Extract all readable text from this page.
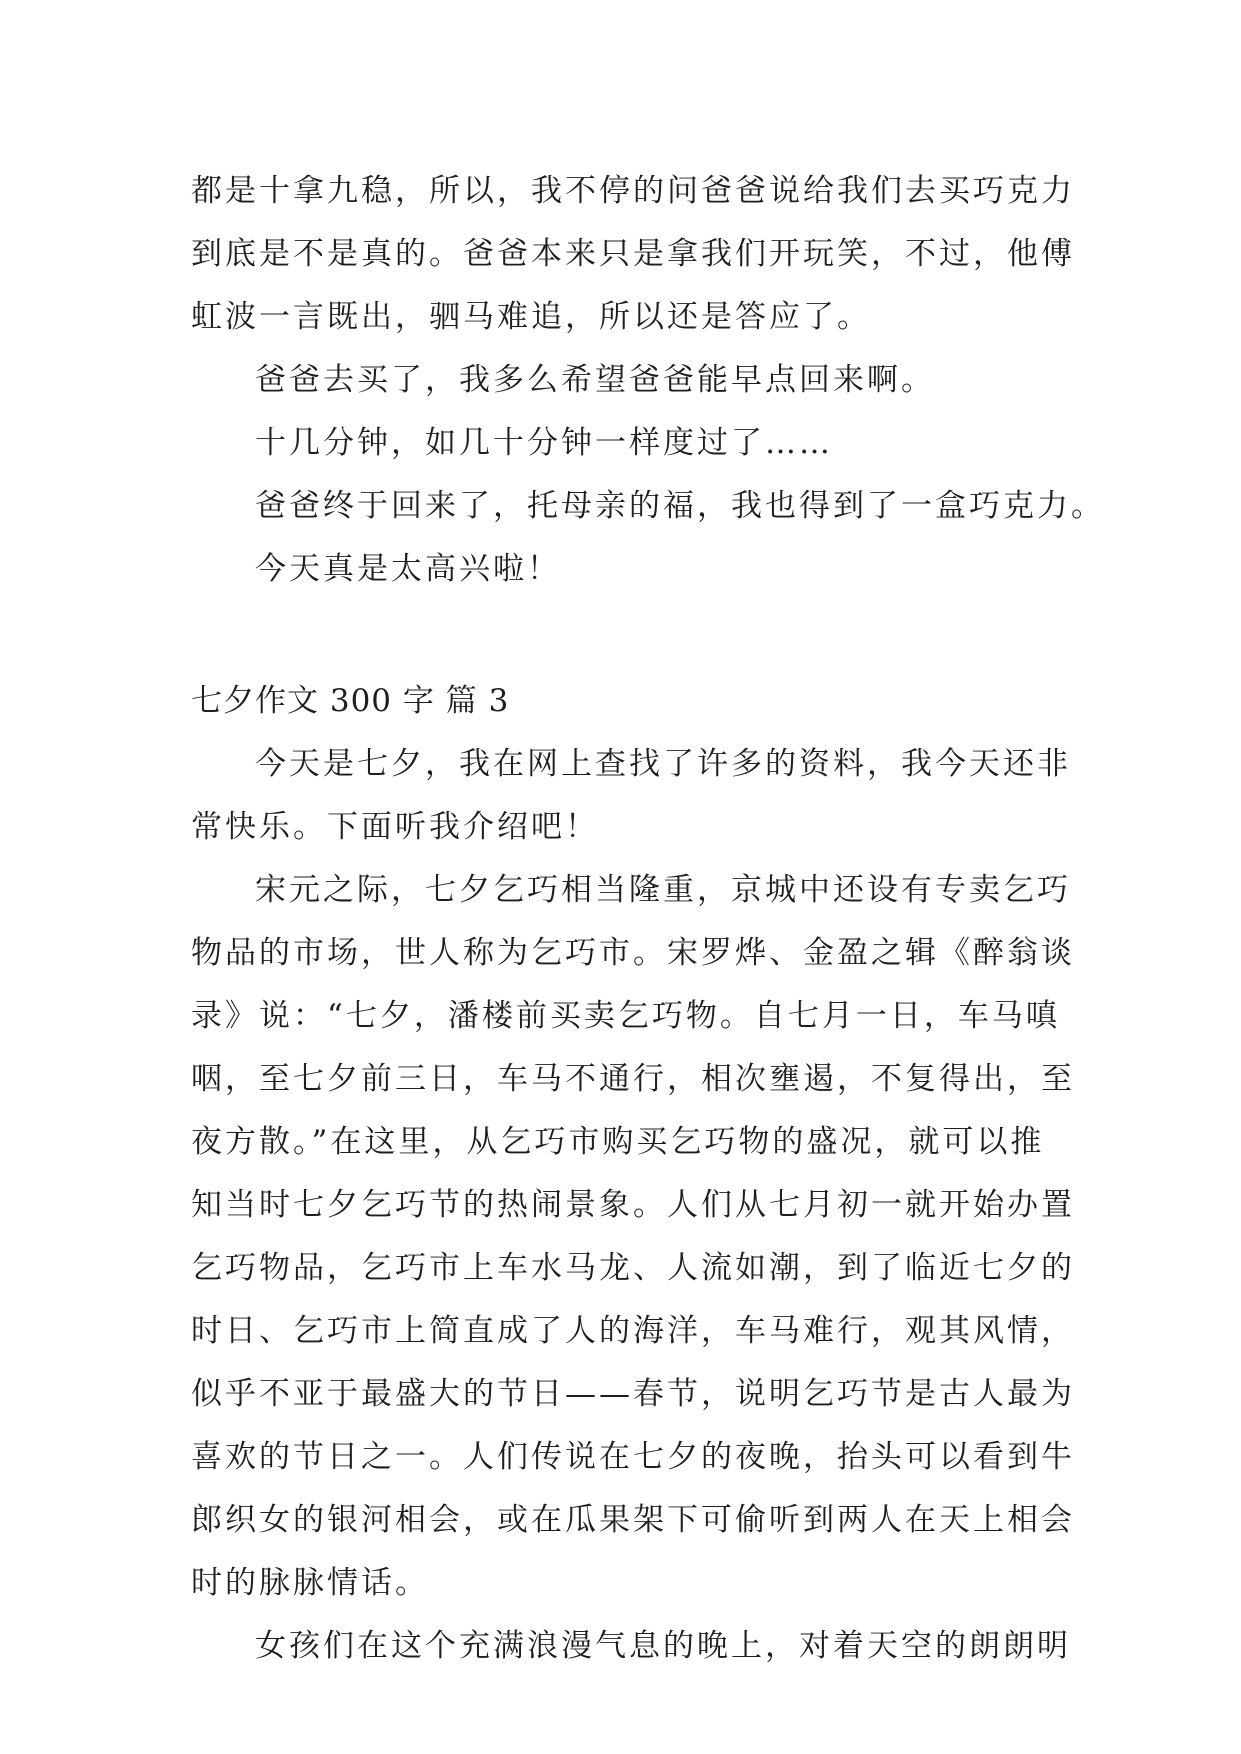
都是十拿九稳，所以，我不停的问爸爸说给我们去买巧克力
到底是不是真的。爸爸本来只是拿我们开玩笑，不过，他傅
虹波一言既出，驷马难追，所以还是答应了。
爸爸去买了，我多么希望爸爸能早点回来啊。
十几分钟，如几十分钟一样度过了……
爸爸终于回来了，托母亲的福，我也得到了一盒巧克力。
今天真是太高兴啦！
七夕作文 300 字 篇 3
今天是七夕，我在网上查找了许多的资料，我今天还非
常快乐。下面听我介绍吧！
宋元之际，七夕乞巧相当隆重，京城中还设有专卖乞巧
物品的市场，世人称为乞巧市。宋罗烨、金盈之辑《醉翁谈
录》说：“七夕，潘楼前买卖乞巧物。自七月一日，车马嗔
咽，至七夕前三日，车马不通行，相次壅遏，不复得出，至
夜方散。”在这里，从乞巧市购买乞巧物的盛况，就可以推
知当时七夕乞巧节的热闹景象。人们从七月初一就开始办置
乞巧物品，乞巧市上车水马龙、人流如潮，到了临近七夕的
时日、乞巧市上简直成了人的海洋，车马难行，观其风情，
似乎不亚于最盛大的节日——春节，说明乞巧节是古人最为
喜欢的节日之一。人们传说在七夕的夜晚，抬头可以看到牛
郎织女的银河相会，或在瓜果架下可偷听到两人在天上相会
时的脉脉情话。
女孩们在这个充满浪漫气息的晚上，对着天空的朗朗明
